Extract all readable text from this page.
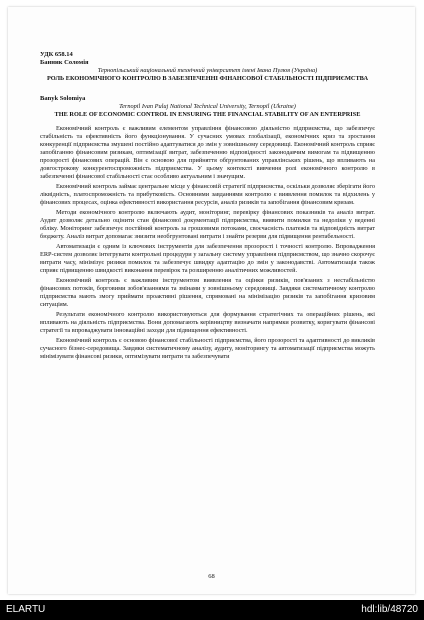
УДК 658.14
Банник Соломія
Тернопільський національний технічний університет імені Івана Пулюя (Україна)
РОЛЬ ЕКОНОМІЧНОГО КОНТРОЛЮ В ЗАБЕЗПЕЧЕННІ ФІНАНСОВОЇ СТАБІЛЬНОСТІ ПІДПРИЄМСТВА
Banyk Solomiya
Ternopil Ivan Puluj National Technical University, Ternopil (Ukraine)
THE ROLE OF ECONOMIC CONTROL IN ENSURING THE FINANCIAL STABILITY OF AN ENTERPRISE

Економічний контроль є важливим елементом управління фінансовою діяльністю підприємства, що забезпечує стабільність та ефективність його функціонування. У сучасних умовах глобалізації, економічних криз та зростання конкуренції підприємства змушені постійно адаптуватися до змін у зовнішньому середовищі. Економічний контроль сприяє запобіганню фінансовим ризикам, оптимізації витрат, забезпеченню відповідності законодавчим вимогам та підвищенню прозорості фінансових операцій. Він є основою для прийняття обґрунтованих управлінських рішень, що впливають на довгострокову конкурентоспроможність підприємства. У цьому контексті вивчення ролі економічного контролю в забезпеченні фінансової стабільності стає особливо актуальним і значущим.

Економічний контроль займає центральне місце у фінансовій стратегії підприємства, оскільки дозволяє зберігати його ліквідність, платоспроможність та прибутковість. Основними завданнями контролю є виявлення помилок та відхилень у фінансових процесах, оцінка ефективності використання ресурсів, аналіз ризиків та запобігання фінансовим кризам.

Методи економічного контролю включають аудит, моніторинг, перевірку фінансових показників та аналіз витрат. Аудит дозволяє детально оцінити стан фінансової документації підприємства, виявити помилки та недоліки у веденні обліку. Моніторинг забезпечує постійний контроль за грошовими потоками, своєчасність платежів та відповідність витрат бюджету. Аналіз витрат допомагає знизити необгрунтовані витрати і знайти резерви для підвищення рентабельності.

Автоматизація є одним із ключових інструментів для забезпечення прозорості і точності контролю. Впровадження ERP-систем дозволяє інтегрувати контрольні процедури у загальну систему управління підприємством, що значно скорочує витрати часу, мінімізує ризики помилок та забезпечує швидку адаптацію до змін у законодавстві. Автоматизація також сприяє підвищенню швидкості виконання перевірок та розширенню аналітичних можливостей.

Економічний контроль є важливим інструментом виявлення та оцінки ризиків, пов'язаних з нестабільністю фінансових потоків, борговими зобов'язаннями та змінами у зовнішньому середовищі. Завдяки систематичному контролю підприємства мають змогу приймати проактивні рішення, спрямовані на мінімізацію ризиків та запобігання кризовим ситуаціям.

Результати економічного контролю використовуються для формування стратегічних та операційних рішень, які впливають на діяльність підприємства. Вони допомагають керівництву визначати напрямки розвитку, коригувати фінансові стратегії та впроваджувати інноваційні заходи для підвищення ефективності.

Економічний контроль є основою фінансової стабільності підприємства, його прозорості та адаптивності до викликів сучасного бізнес-середовища. Завдяки систематичному аналізу, аудиту, моніторингу та автоматизації підприємства можуть мінімізувати фінансові ризики, оптимізувати витрати та забезпечувати

68
ELARTU	hdl:lib/48720
